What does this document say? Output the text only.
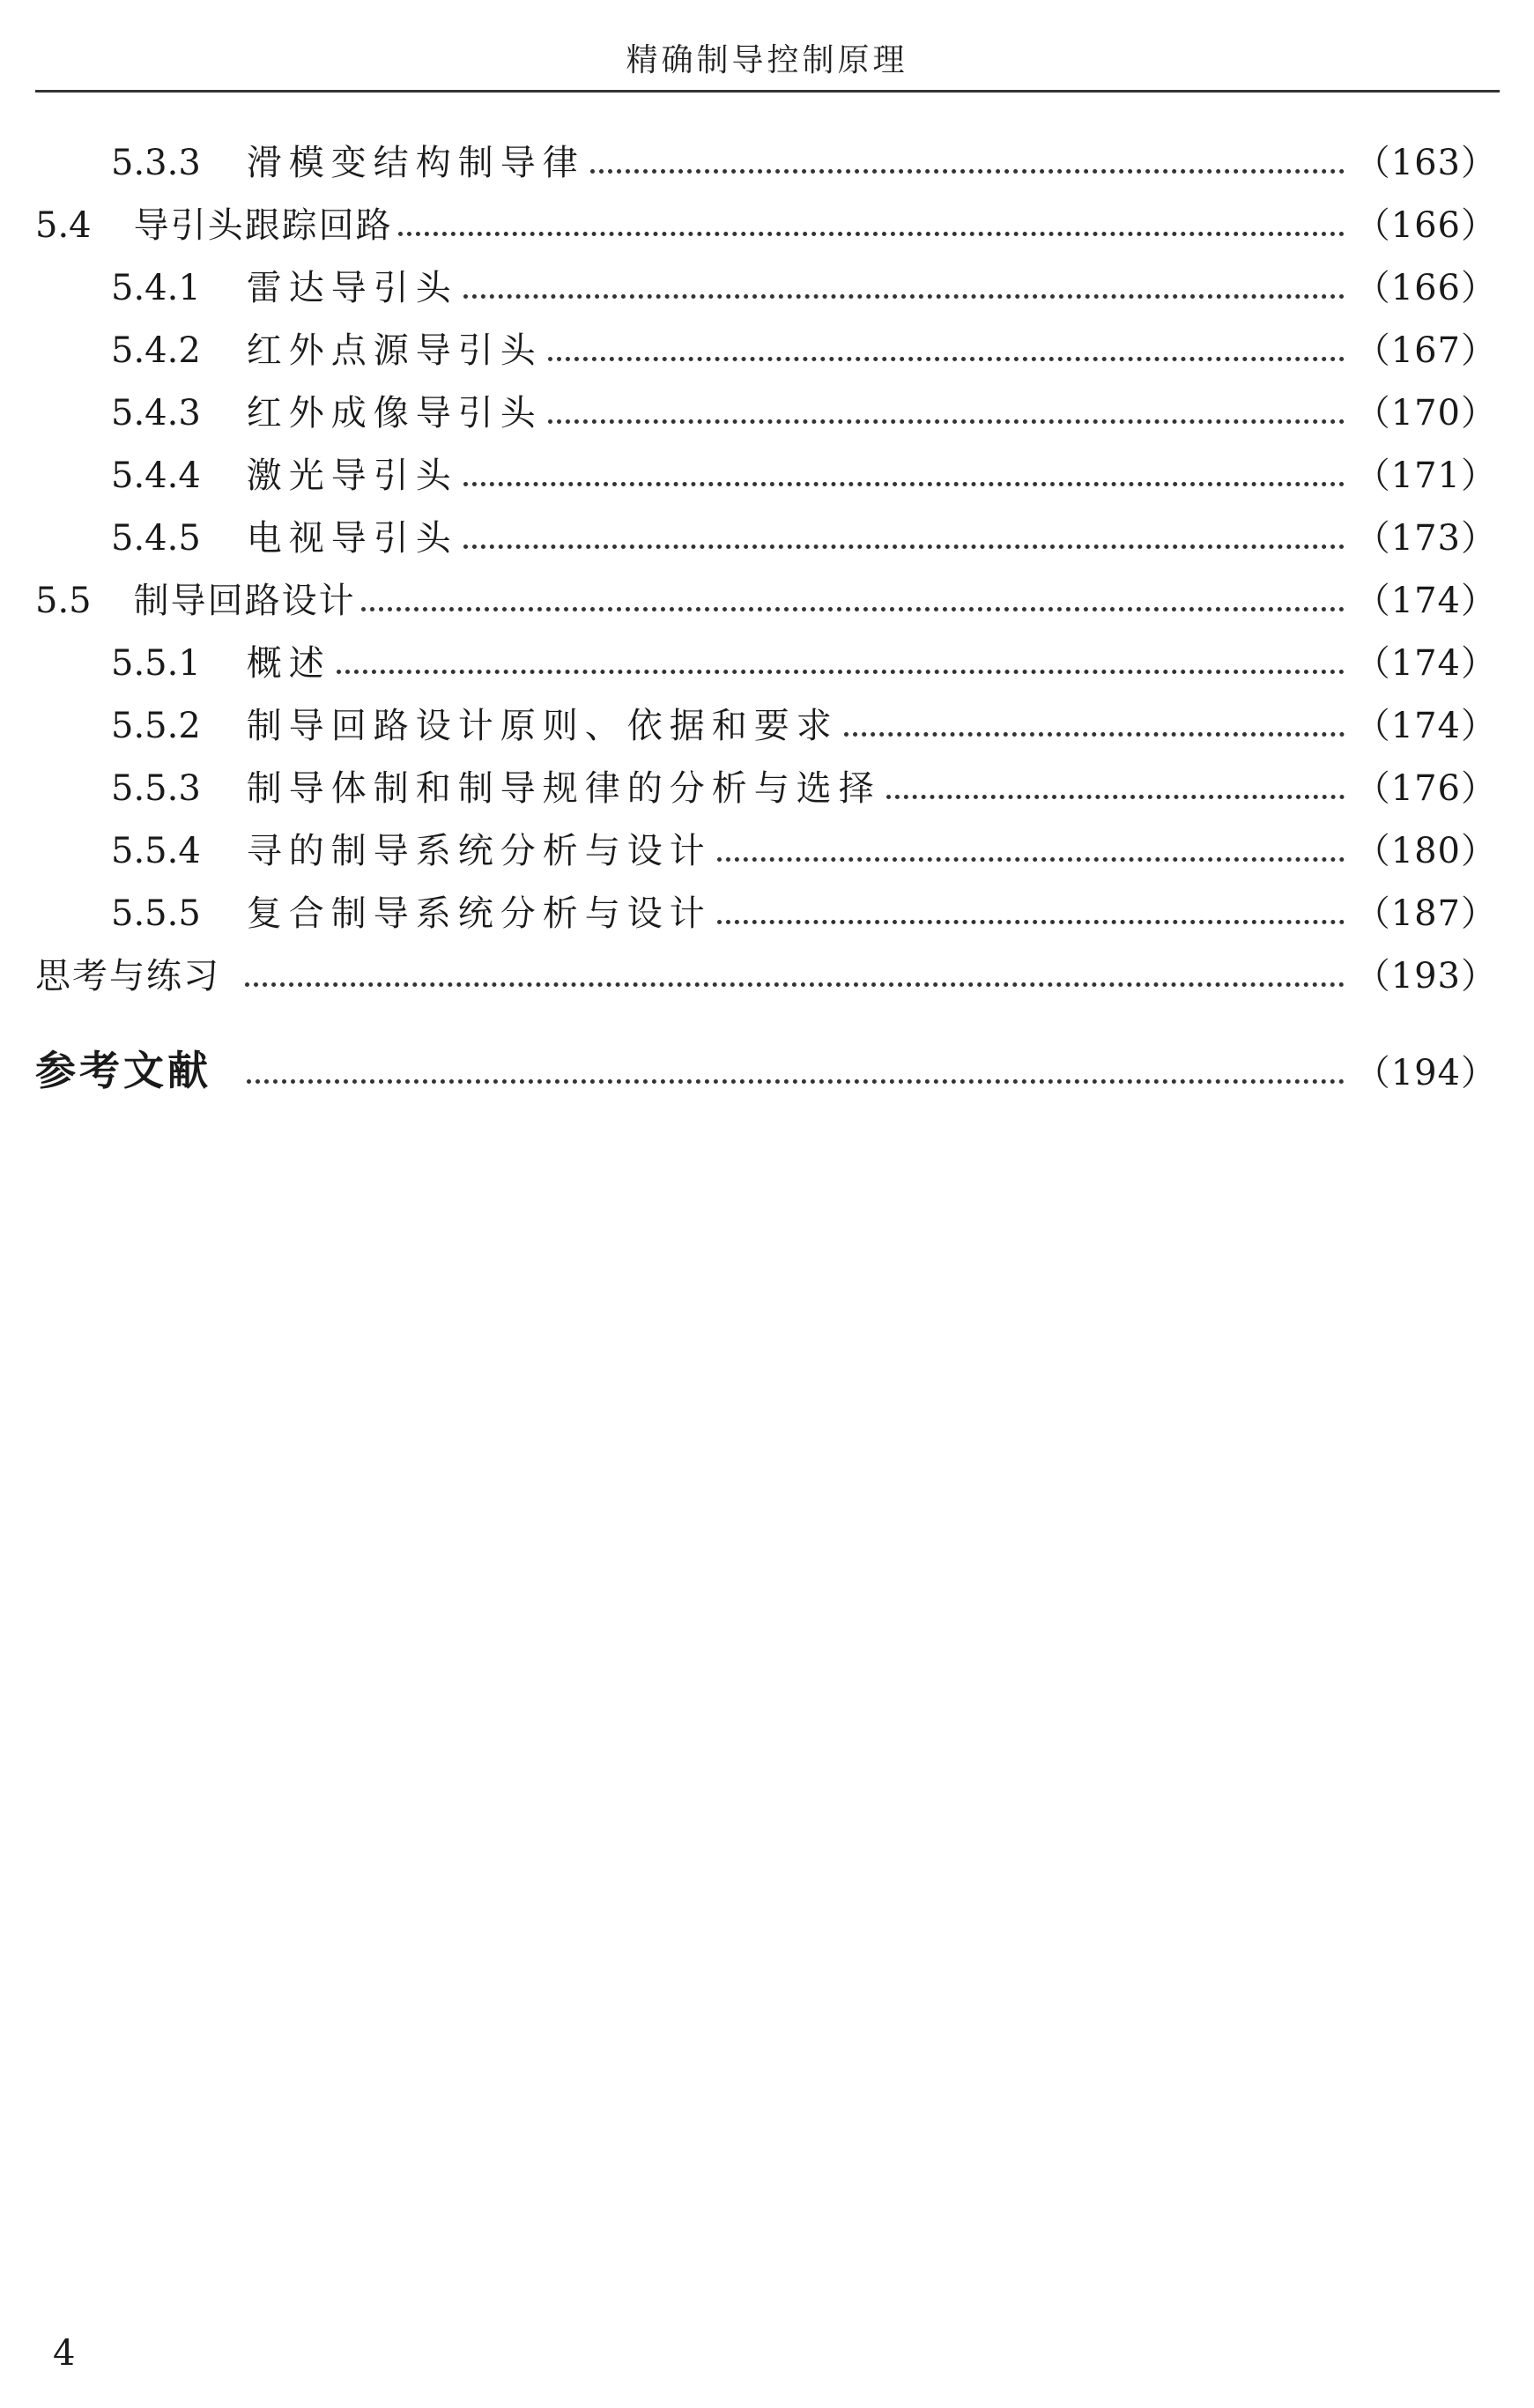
精确制导控制原理
5.3.3 滑模变结构制导律	（163）
5.4 导引头跟踪回路	（166）
5.4.1 雷达导引头	（166）
5.4.2 红外点源导引头	（167）
5.4.3 红外成像导引头	（170）
5.4.4 激光导引头	（171）
5.4.5 电视导引头	（173）
5.5 制导回路设计	（174）
5.5.1 概述	（174）
5.5.2 制导回路设计原则、依据和要求	（174）
5.5.3 制导体制和制导规律的分析与选择	（176）
5.5.4 寻的制导系统分析与设计	（180）
5.5.5 复合制导系统分析与设计	（187）
思考与练习	（193）
参考文献	（194）
4
